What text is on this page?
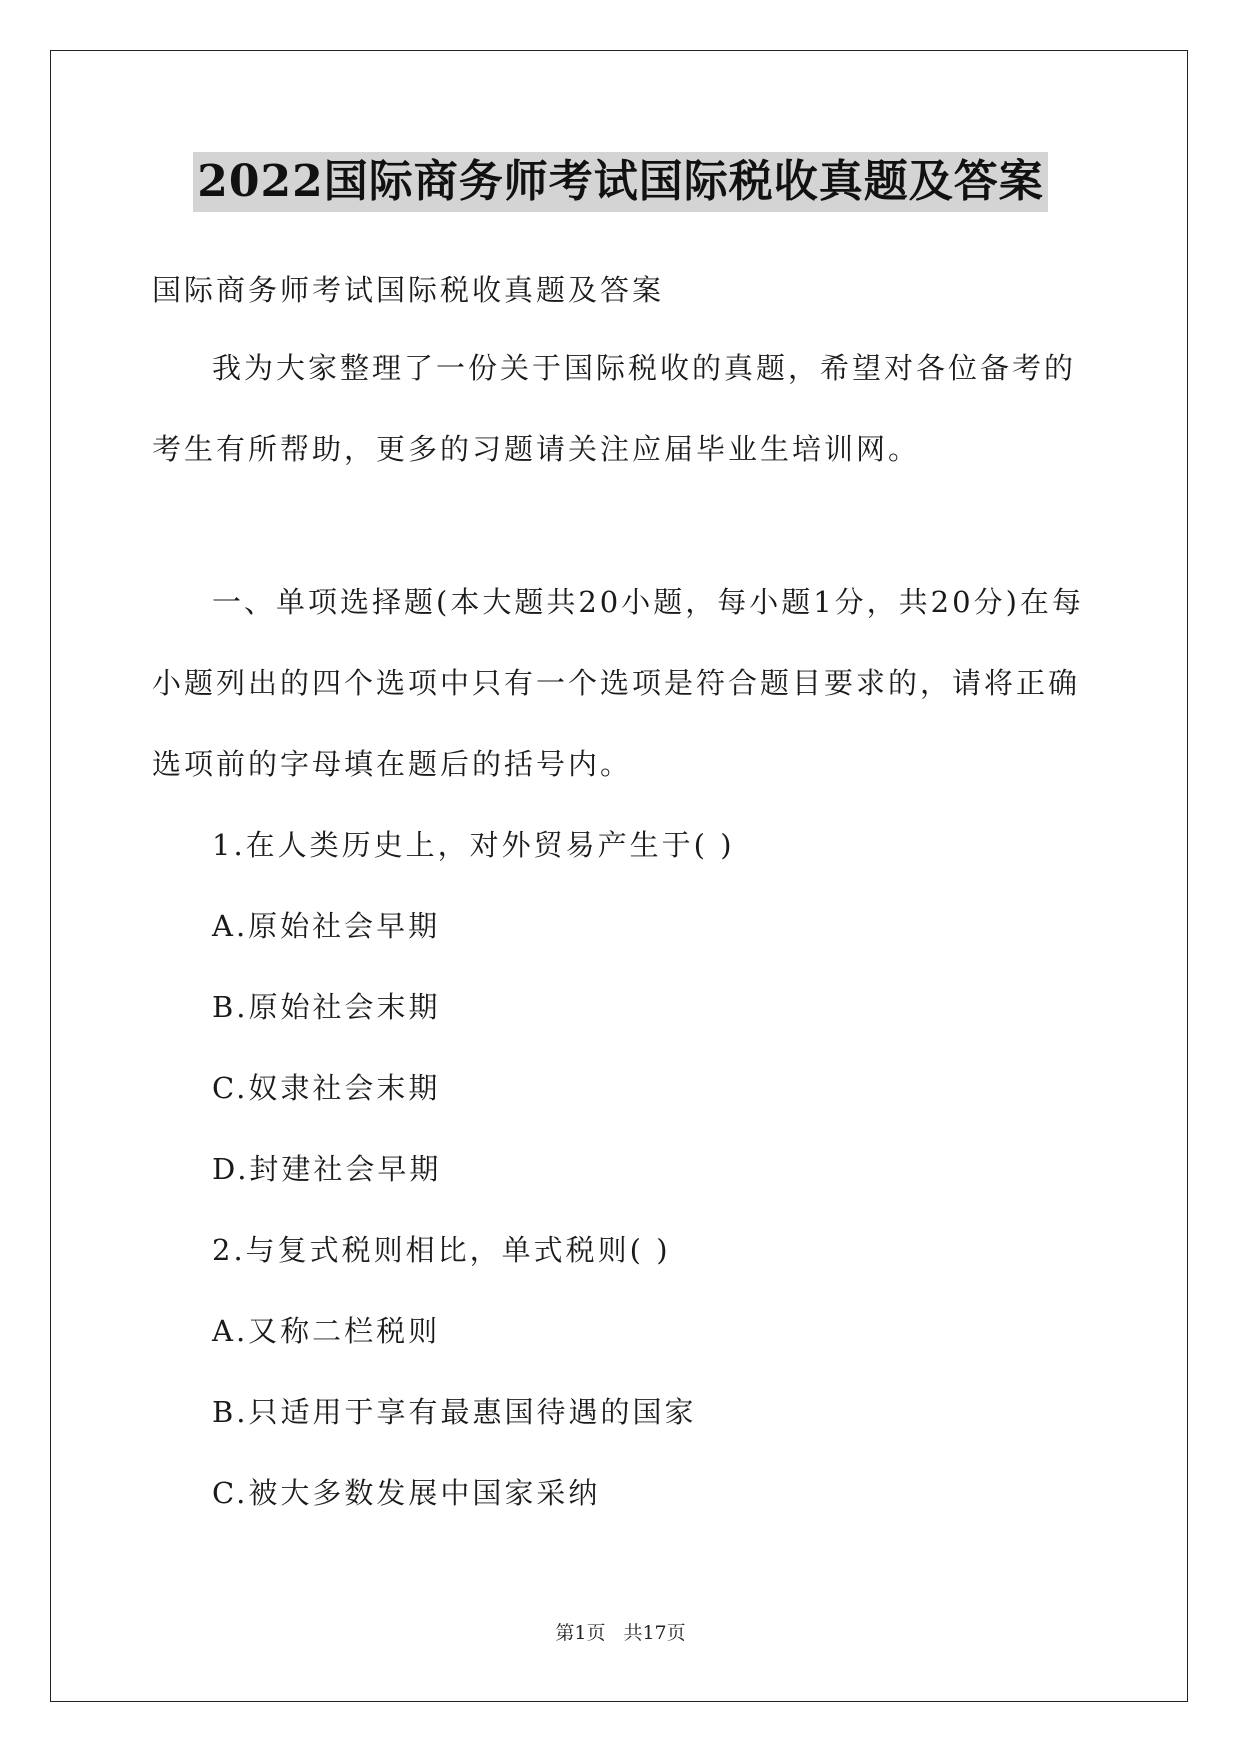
2022国际商务师考试国际税收真题及答案

国际商务师考试国际税收真题及答案

我为大家整理了一份关于国际税收的真题，希望对各位备考的考生有所帮助，更多的习题请关注应届毕业生培训网。

一、单项选择题(本大题共20小题，每小题1分，共20分)在每小题列出的四个选项中只有一个选项是符合题目要求的，请将正确选项前的字母填在题后的括号内。

1.在人类历史上，对外贸易产生于( )

A.原始社会早期

B.原始社会末期

C.奴隶社会末期

D.封建社会早期

2.与复式税则相比，单式税则( )

A.又称二栏税则

B.只适用于享有最惠国待遇的国家

C.被大多数发展中国家采纳

第1页 共17页
